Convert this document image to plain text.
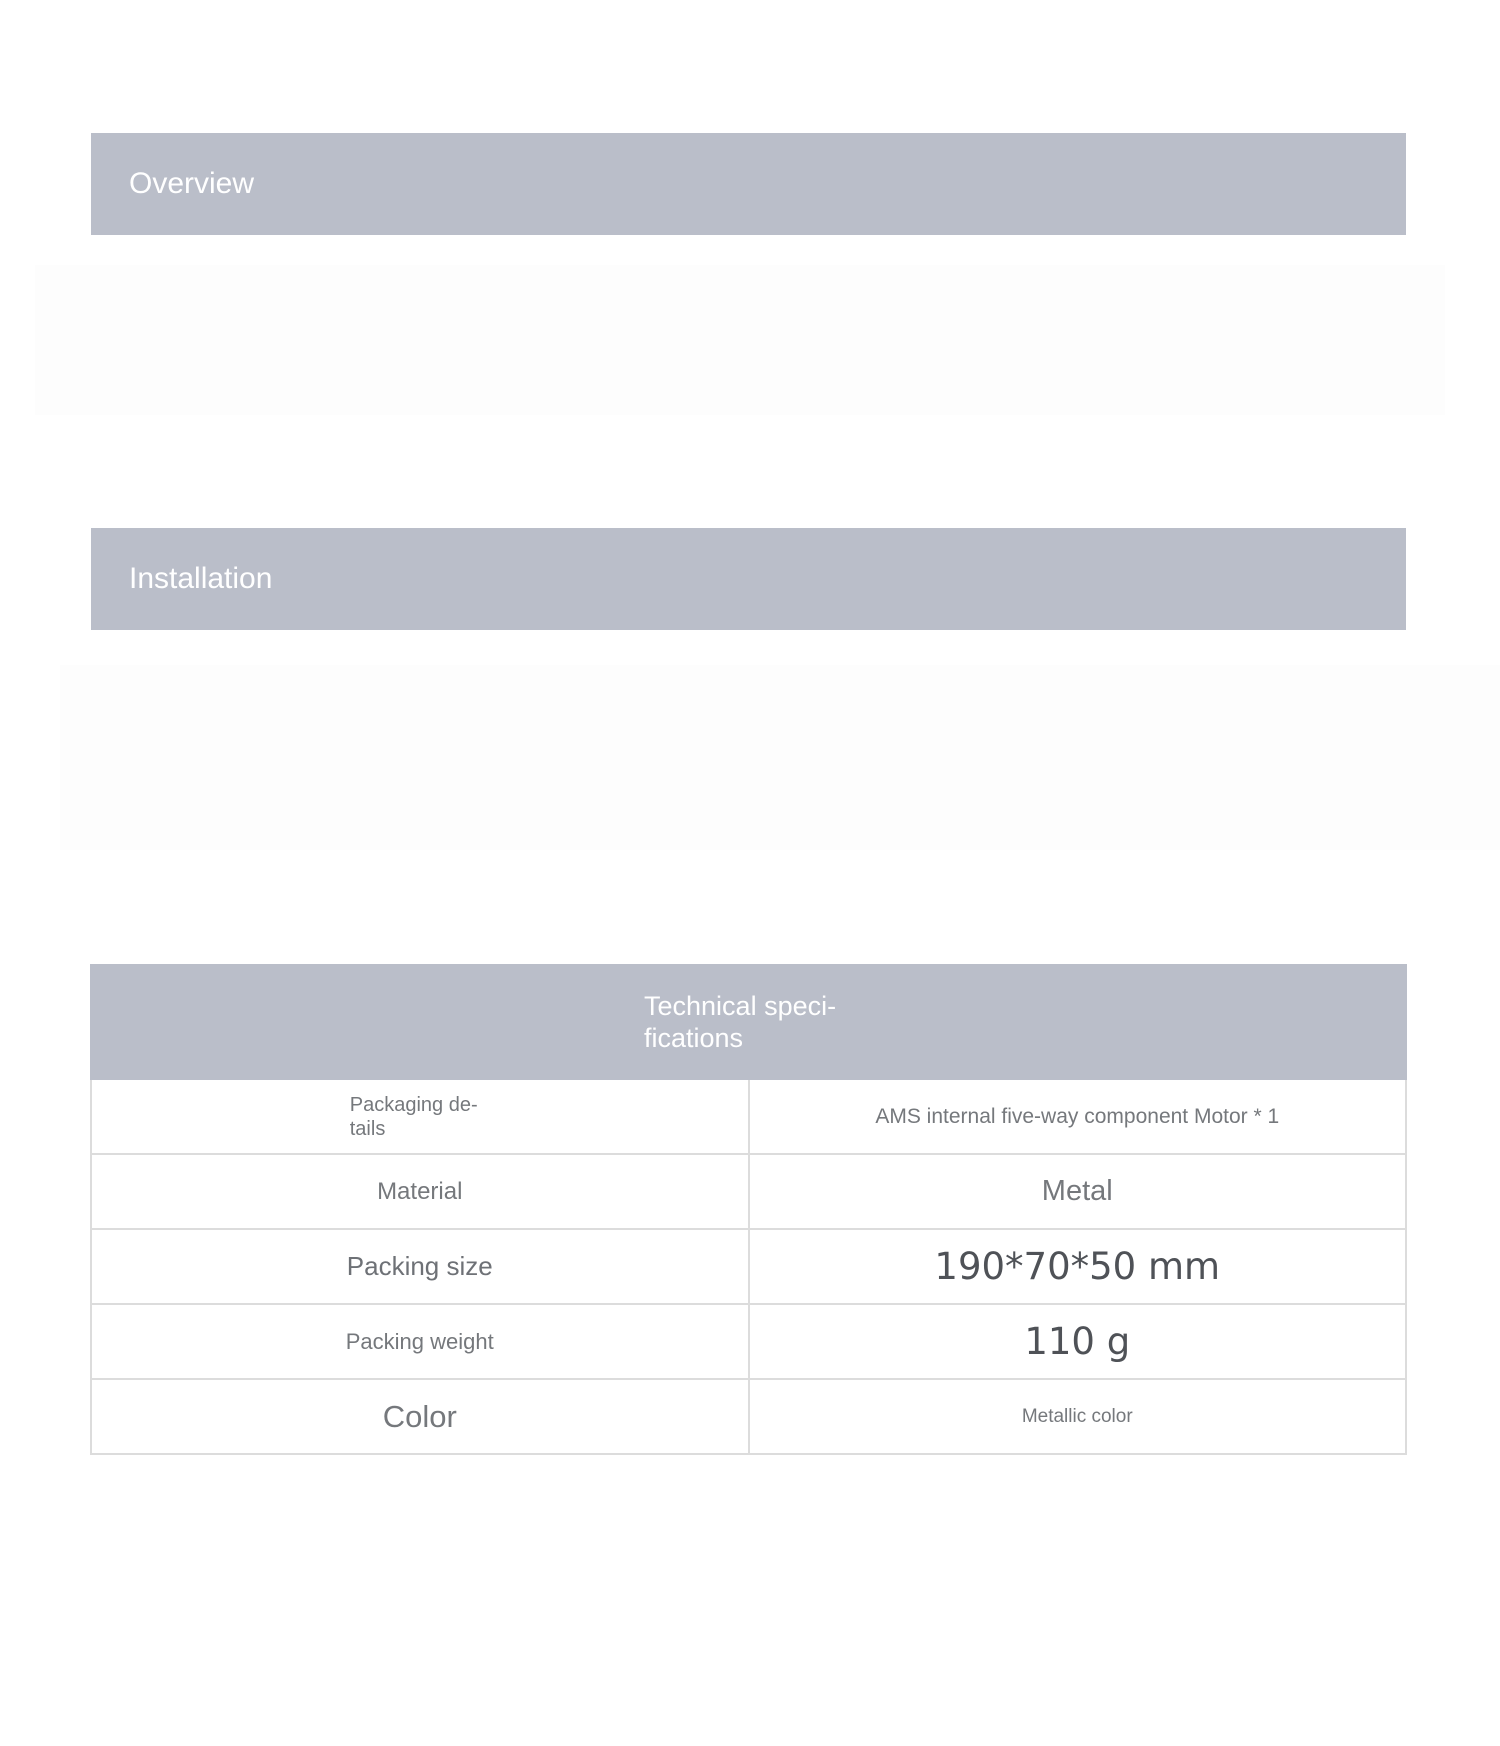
Overview
Installation
Technical speci-
fications	

Packaging de-
tails	AMS internal five-way component Motor * 1
Material	Metal
Packing size	190*70*50 mm
Packing weight	110 g
Color	Metallic color
